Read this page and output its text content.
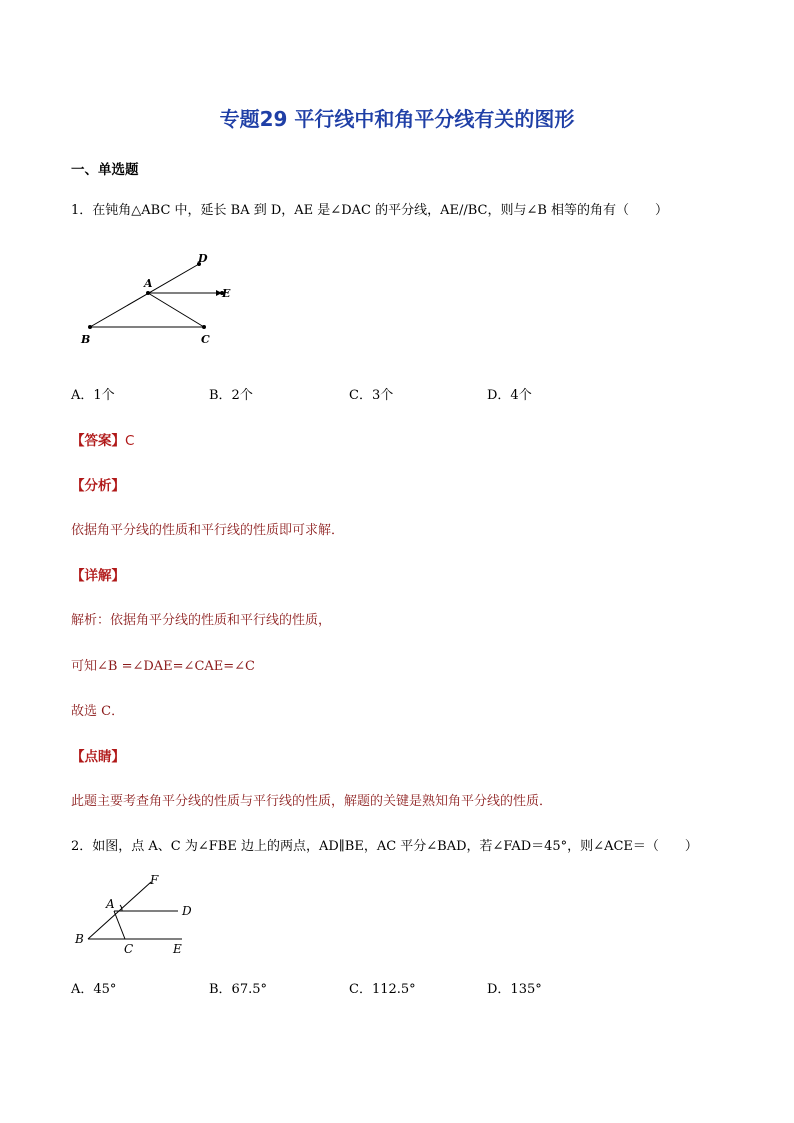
专题29 平行线中和角平分线有关的图形
一、单选题
1．在钝角△ABC 中，延长 BA 到 D，AE 是∠DAC 的平分线，AE//BC，则与∠B 相等的角有（　　）
A
B	C
D
E
A．1个	B．2个	C．3个	D．4个
【答案】C
【分析】
依据角平分线的性质和平行线的性质即可求解．
【详解】
解析：依据角平分线的性质和平行线的性质，
可知∠B =∠DAE=∠CAE=∠C
故选 C．
【点睛】
此题主要考查角平分线的性质与平行线的性质，解题的关键是熟知角平分线的性质．
2．如图，点 A、C 为∠FBE 边上的两点，AD∥BE，AC 平分∠BAD，若∠FAD＝45°，则∠ACE＝（　　）
A
B
C
D
E
F
A．45°	B．67.5°	C．112.5°	D．135°
